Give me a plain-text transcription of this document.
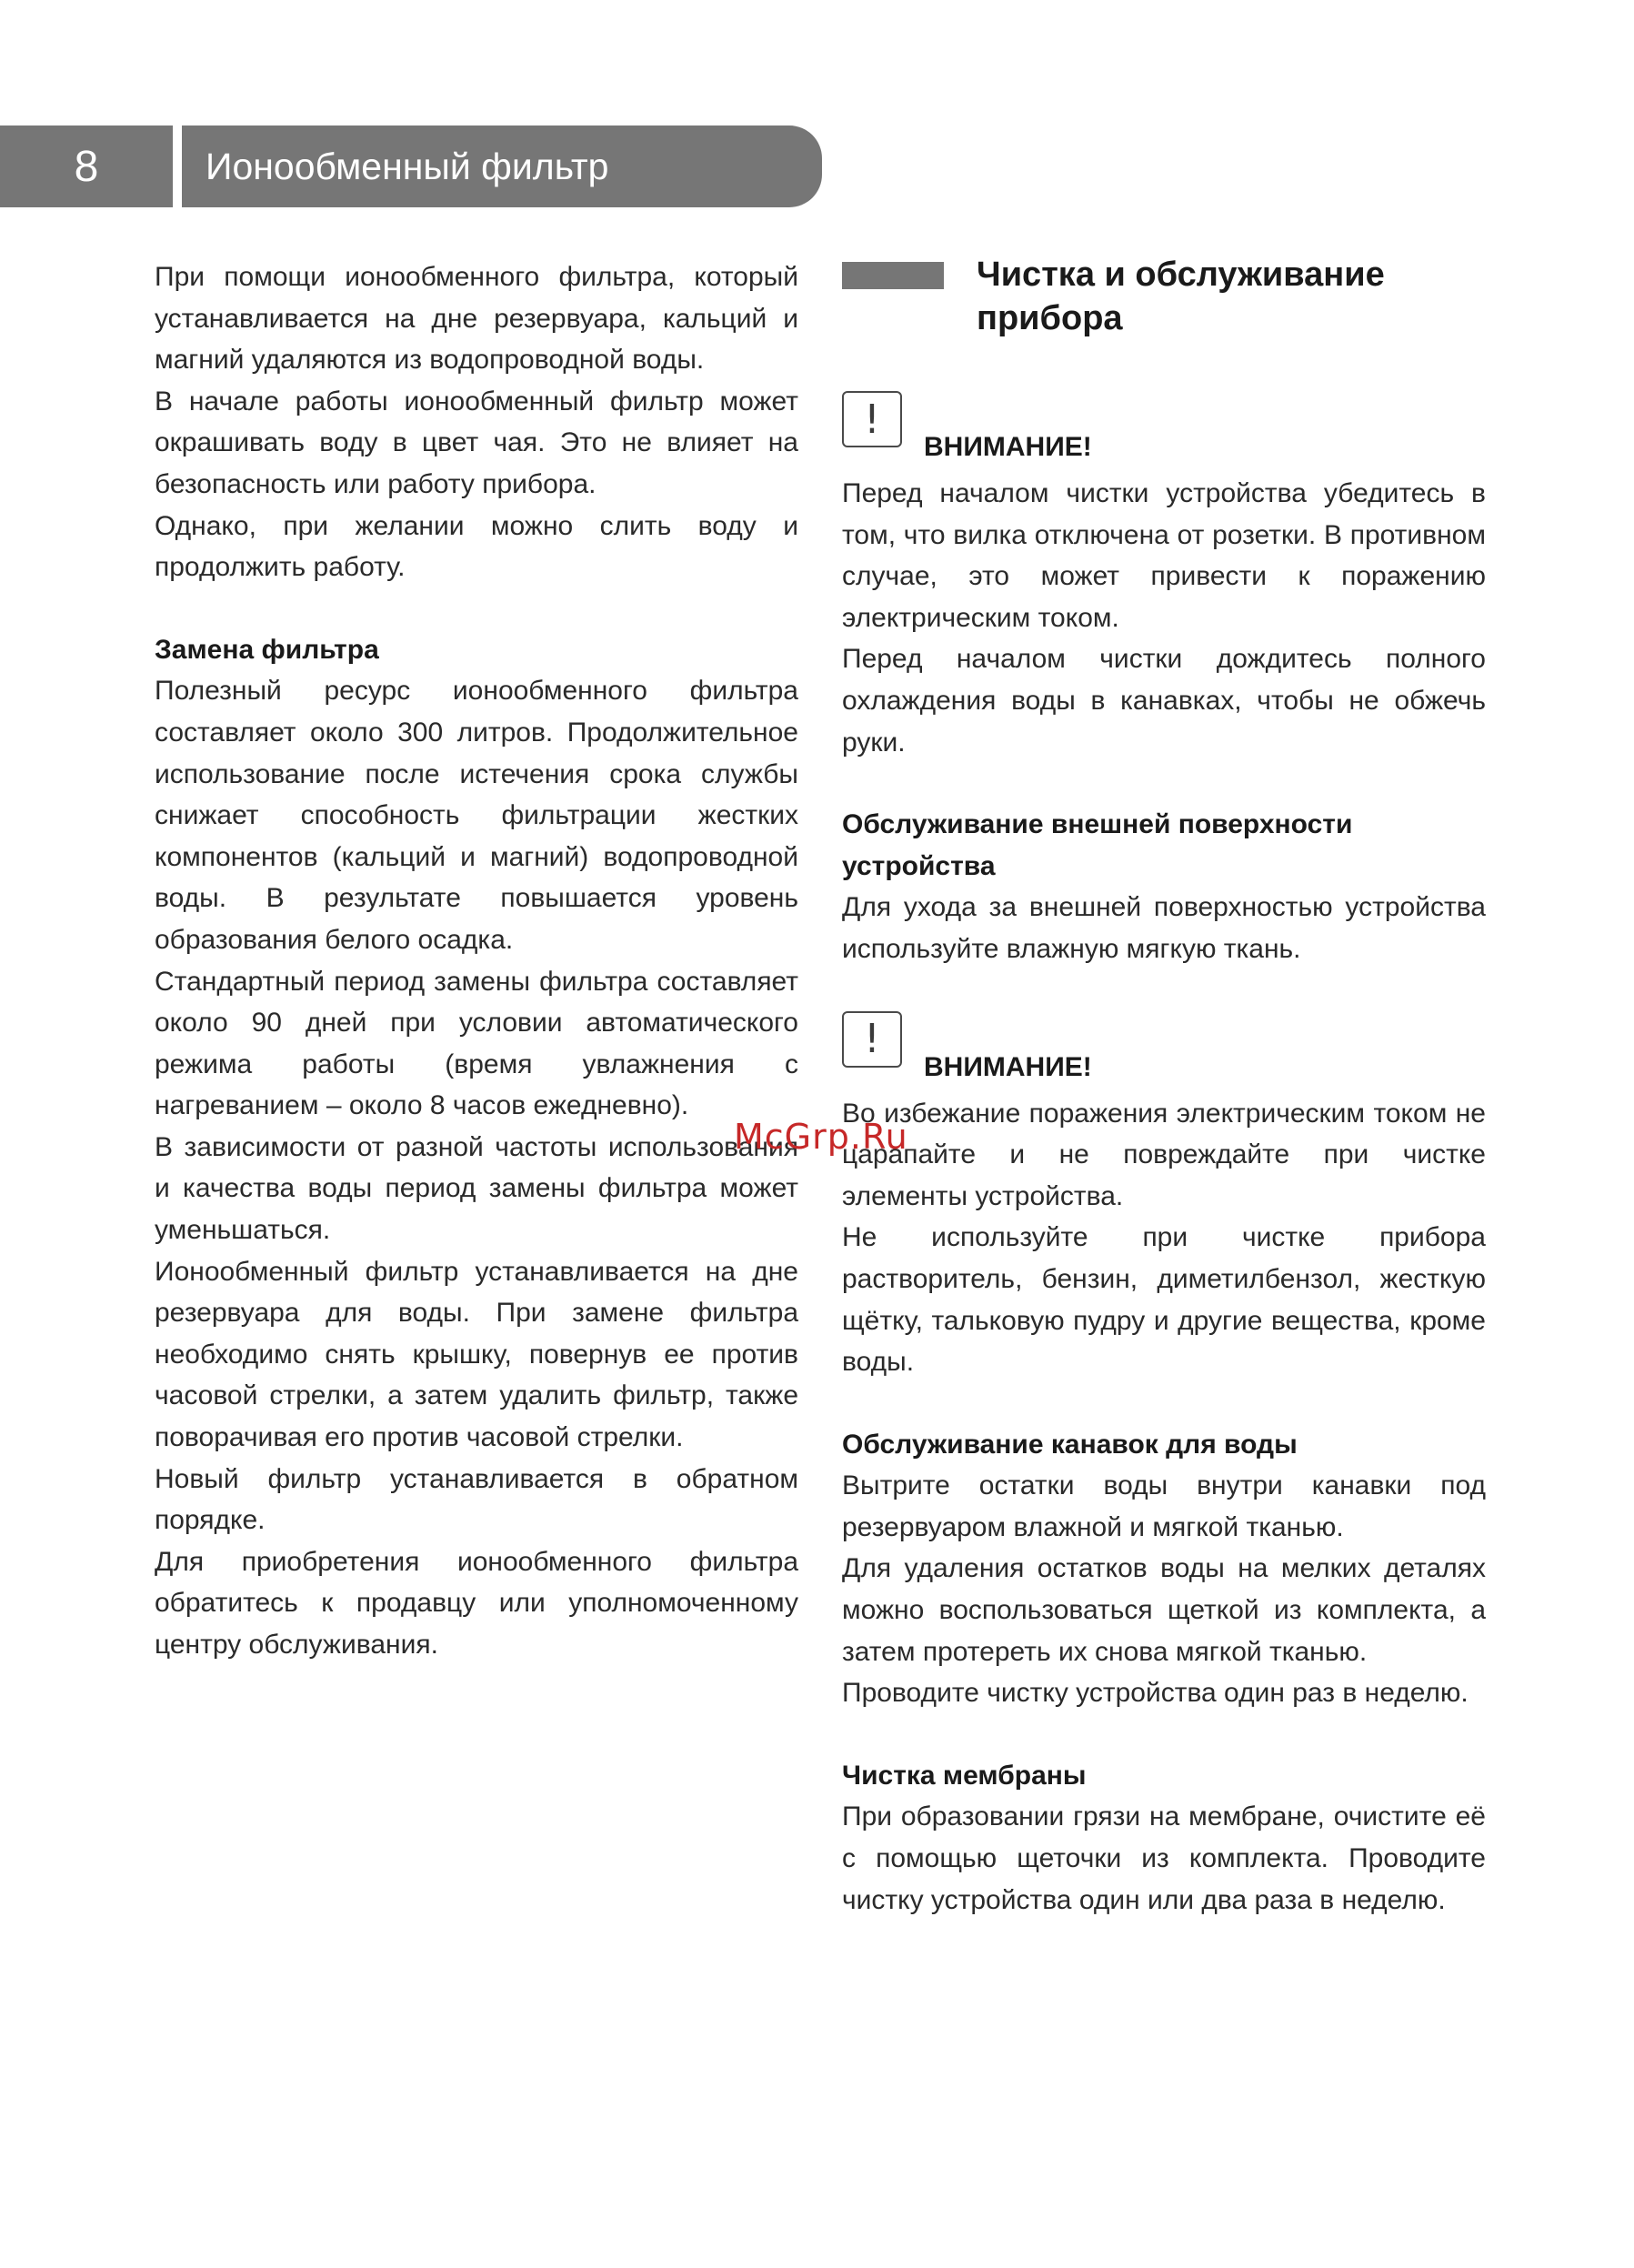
8	Ионообменный фильтр

При помощи ионообменного фильтра, который устанавливается на дне резервуара, кальций и магний удаляются из водопроводной воды.

В начале работы ионообменный фильтр может окрашивать воду в цвет чая. Это не влияет на безопасность или работу прибора.

Однако, при желании можно слить воду и продолжить работу.

Замена фильтра

Полезный ресурс ионообменного фильтра составляет около 300 литров. Продолжительное использование после истечения срока службы снижает способность фильтрации жестких компонентов (кальций и магний) водопроводной воды. В результате повышается уровень образования белого осадка.

Стандартный период замены фильтра составляет около 90 дней при условии автоматического режима работы (время увлажнения с нагреванием – около 8 часов ежедневно).

В зависимости от разной частоты использования и качества воды период замены фильтра может уменьшаться.

Ионообменный фильтр устанавливается на дне резервуара для воды. При замене фильтра необходимо снять крышку, повернув ее против часовой стрелки, а затем удалить фильтр, также поворачивая его против часовой стрелки.

Новый фильтр устанавливается в обратном порядке.

Для приобретения ионообменного фильтра обратитесь к продавцу или уполномоченному центру обслуживания.

Чистка и обслуживание
прибора
!
ВНИМАНИЕ!

Перед началом чистки устройства убедитесь в том, что вилка отключена от розетки. В противном случае, это может привести к поражению электрическим током.

Перед началом чистки дождитесь полного охлаждения воды в канавках, чтобы не обжечь руки.

Обслуживание внешней поверхности устройства

Для ухода за внешней поверхностью устройства используйте влажную мягкую ткань.

!
ВНИМАНИЕ!

Во избежание поражения электрическим током не царапайте и не повреждайте при чистке элементы устройства.

Не используйте при чистке прибора растворитель, бензин, диметилбензол, жесткую щётку, тальковую пудру и другие вещества, кроме воды.

Обслуживание канавок для воды

Вытрите остатки воды внутри канавки под резервуаром влажной и мягкой тканью.

Для удаления остатков воды на мелких деталях можно воспользоваться щеткой из комплекта, а затем протереть их снова мягкой тканью.

Проводите чистку устройства один раз в неделю.

Чистка мембраны

При образовании грязи на мембране, очистите её с помощью щеточки из комплекта. Проводите чистку устройства один или два раза в неделю.

McGrp.Ru
